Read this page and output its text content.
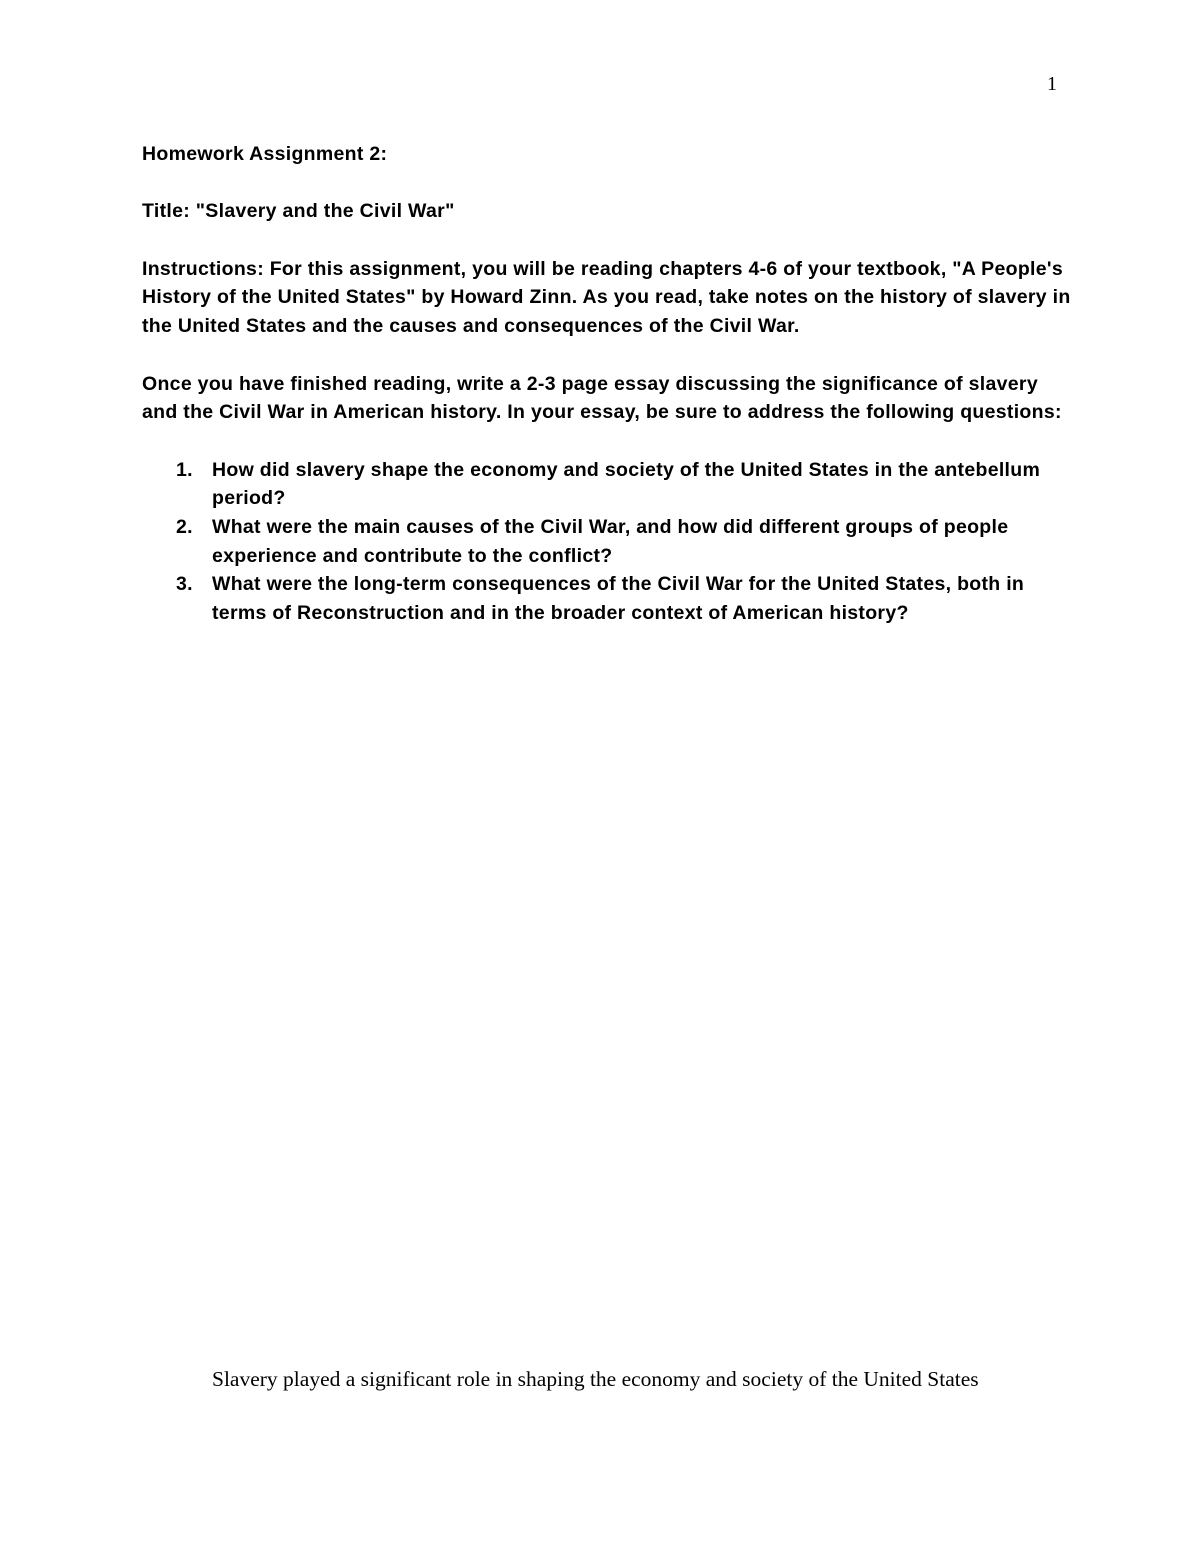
1

Homework Assignment 2:

Title: "Slavery and the Civil War"

Instructions: For this assignment, you will be reading chapters 4-6 of your textbook, "A People's History of the United States" by Howard Zinn. As you read, take notes on the history of slavery in the United States and the causes and consequences of the Civil War.

Once you have finished reading, write a 2-3 page essay discussing the significance of slavery and the Civil War in American history. In your essay, be sure to address the following questions:

1. How did slavery shape the economy and society of the United States in the antebellum period?
2. What were the main causes of the Civil War, and how did different groups of people experience and contribute to the conflict?
3. What were the long-term consequences of the Civil War for the United States, both in terms of Reconstruction and in the broader context of American history?
Slavery played a significant role in shaping the economy and society of the United States
